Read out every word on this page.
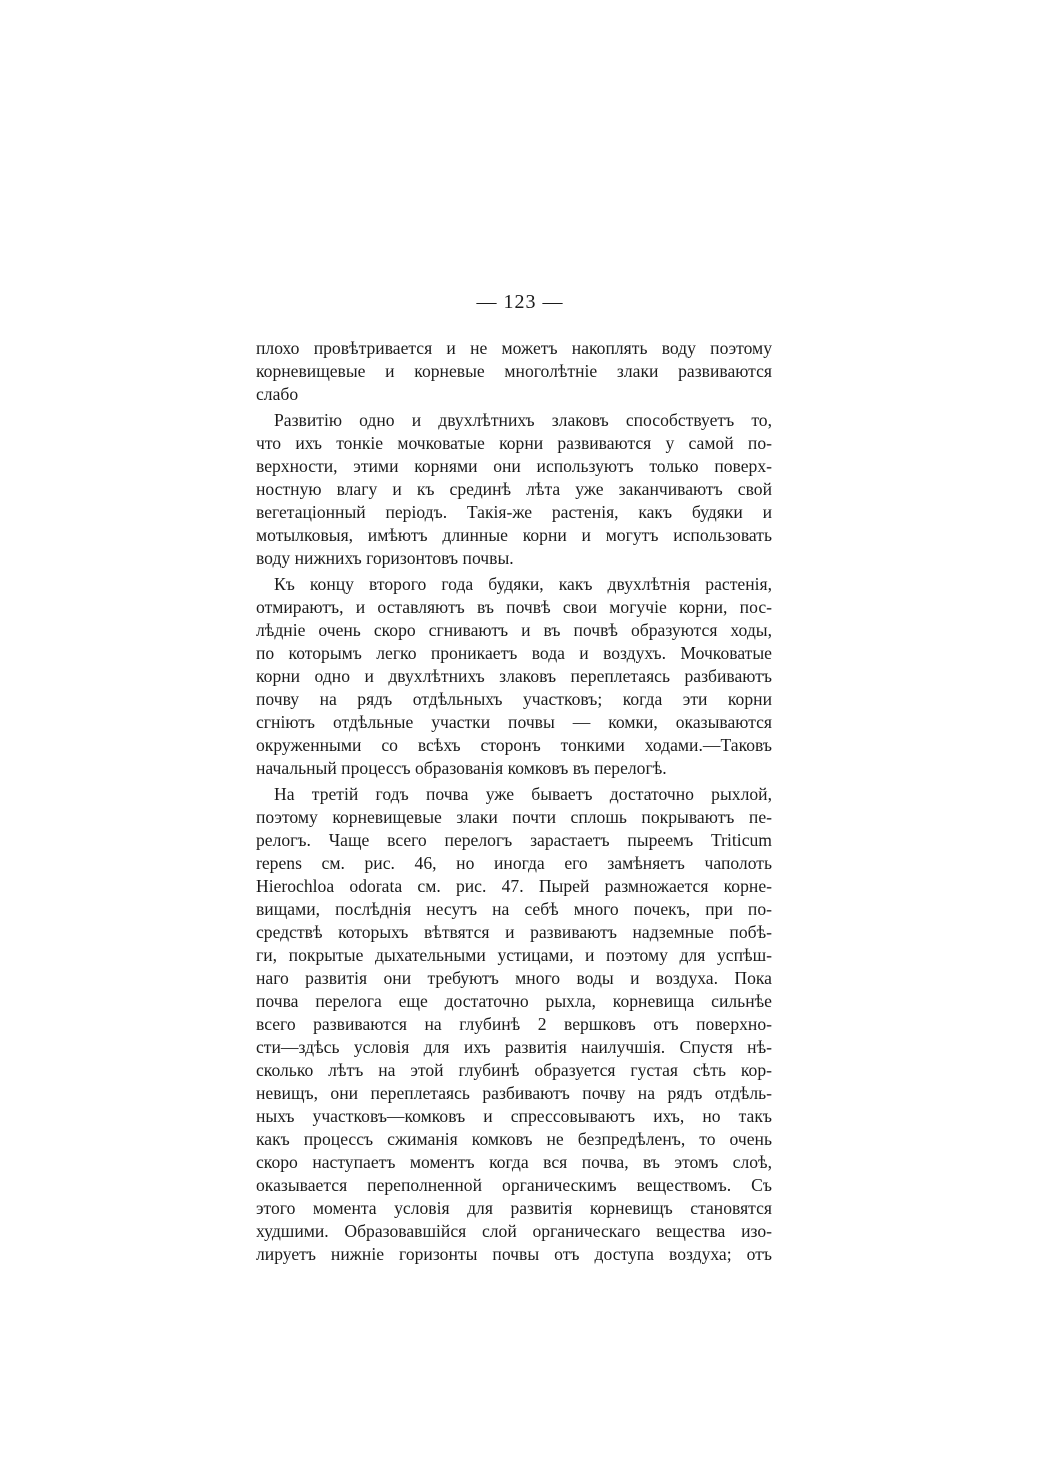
— 123 —
плохо провѣтривается и не можетъ накоплять воду поэтому
корневищевые и корневые многолѣтніе злаки развиваются
слабо
Развитію одно и двухлѣтнихъ злаковъ способствуетъ то,
что ихъ тонкіе мочковатые корни развиваются у самой по-
верхности, этими корнями они используютъ только поверх-
ностную влагу и къ срединѣ лѣта уже заканчиваютъ свой
вегетаціонный періодъ. Такія-же растенія, какъ будяки и
мотылковыя, имѣютъ длинные корни и могутъ использовать
воду нижнихъ горизонтовъ почвы.
Къ концу второго года будяки, какъ двухлѣтнія растенія,
отмираютъ, и оставляютъ въ почвѣ свои могучіе корни, пос-
лѣдніе очень скоро сгниваютъ и въ почвѣ образуются ходы,
по которымъ легко проникаетъ вода и воздухъ. Мочковатые
корни одно и двухлѣтнихъ злаковъ переплетаясь разбиваютъ
почву на рядъ отдѣльныхъ участковъ; когда эти корни
сгніютъ отдѣльные участки почвы — комки, оказываются
окруженными со всѣхъ сторонъ тонкими ходами.—Таковъ
начальный процессъ образованія комковъ въ перелогѣ.
На третій годъ почва уже бываетъ достаточно рыхлой,
поэтому корневищевые злаки почти сплошь покрываютъ пе-
релогъ. Чаще всего перелогъ зарастаетъ пыреемъ Triticum
repens см. рис. 46, но иногда его замѣняетъ чаполоть
Hierochloa odorata см. рис. 47. Пырей размножается корне-
вищами, послѣднія несутъ на себѣ много почекъ, при по-
средствѣ которыхъ вѣтвятся и развиваютъ надземные побѣ-
ги, покрытые дыхательными устицами, и поэтому для успѣш-
наго развитія они требуютъ много воды и воздуха. Пока
почва перелога еще достаточно рыхла, корневища сильнѣе
всего развиваются на глубинѣ 2 вершковъ отъ поверхно-
сти—здѣсь условія для ихъ развитія наилучшія. Спустя нѣ-
сколько лѣтъ на этой глубинѣ образуется густая сѣть кор-
невищъ, они переплетаясь разбиваютъ почву на рядъ отдѣль-
ныхъ участковъ—комковъ и спрессовываютъ ихъ, но такъ
какъ процессъ сжиманія комковъ не безпредѣленъ, то очень
скоро наступаетъ моментъ когда вся почва, въ этомъ слоѣ,
оказывается переполненной органическимъ веществомъ. Съ
этого момента условія для развитія корневищъ становятся
худшими. Образовавшійся слой органическаго вещества изо-
лируетъ нижніе горизонты почвы отъ доступа воздуха; отъ
